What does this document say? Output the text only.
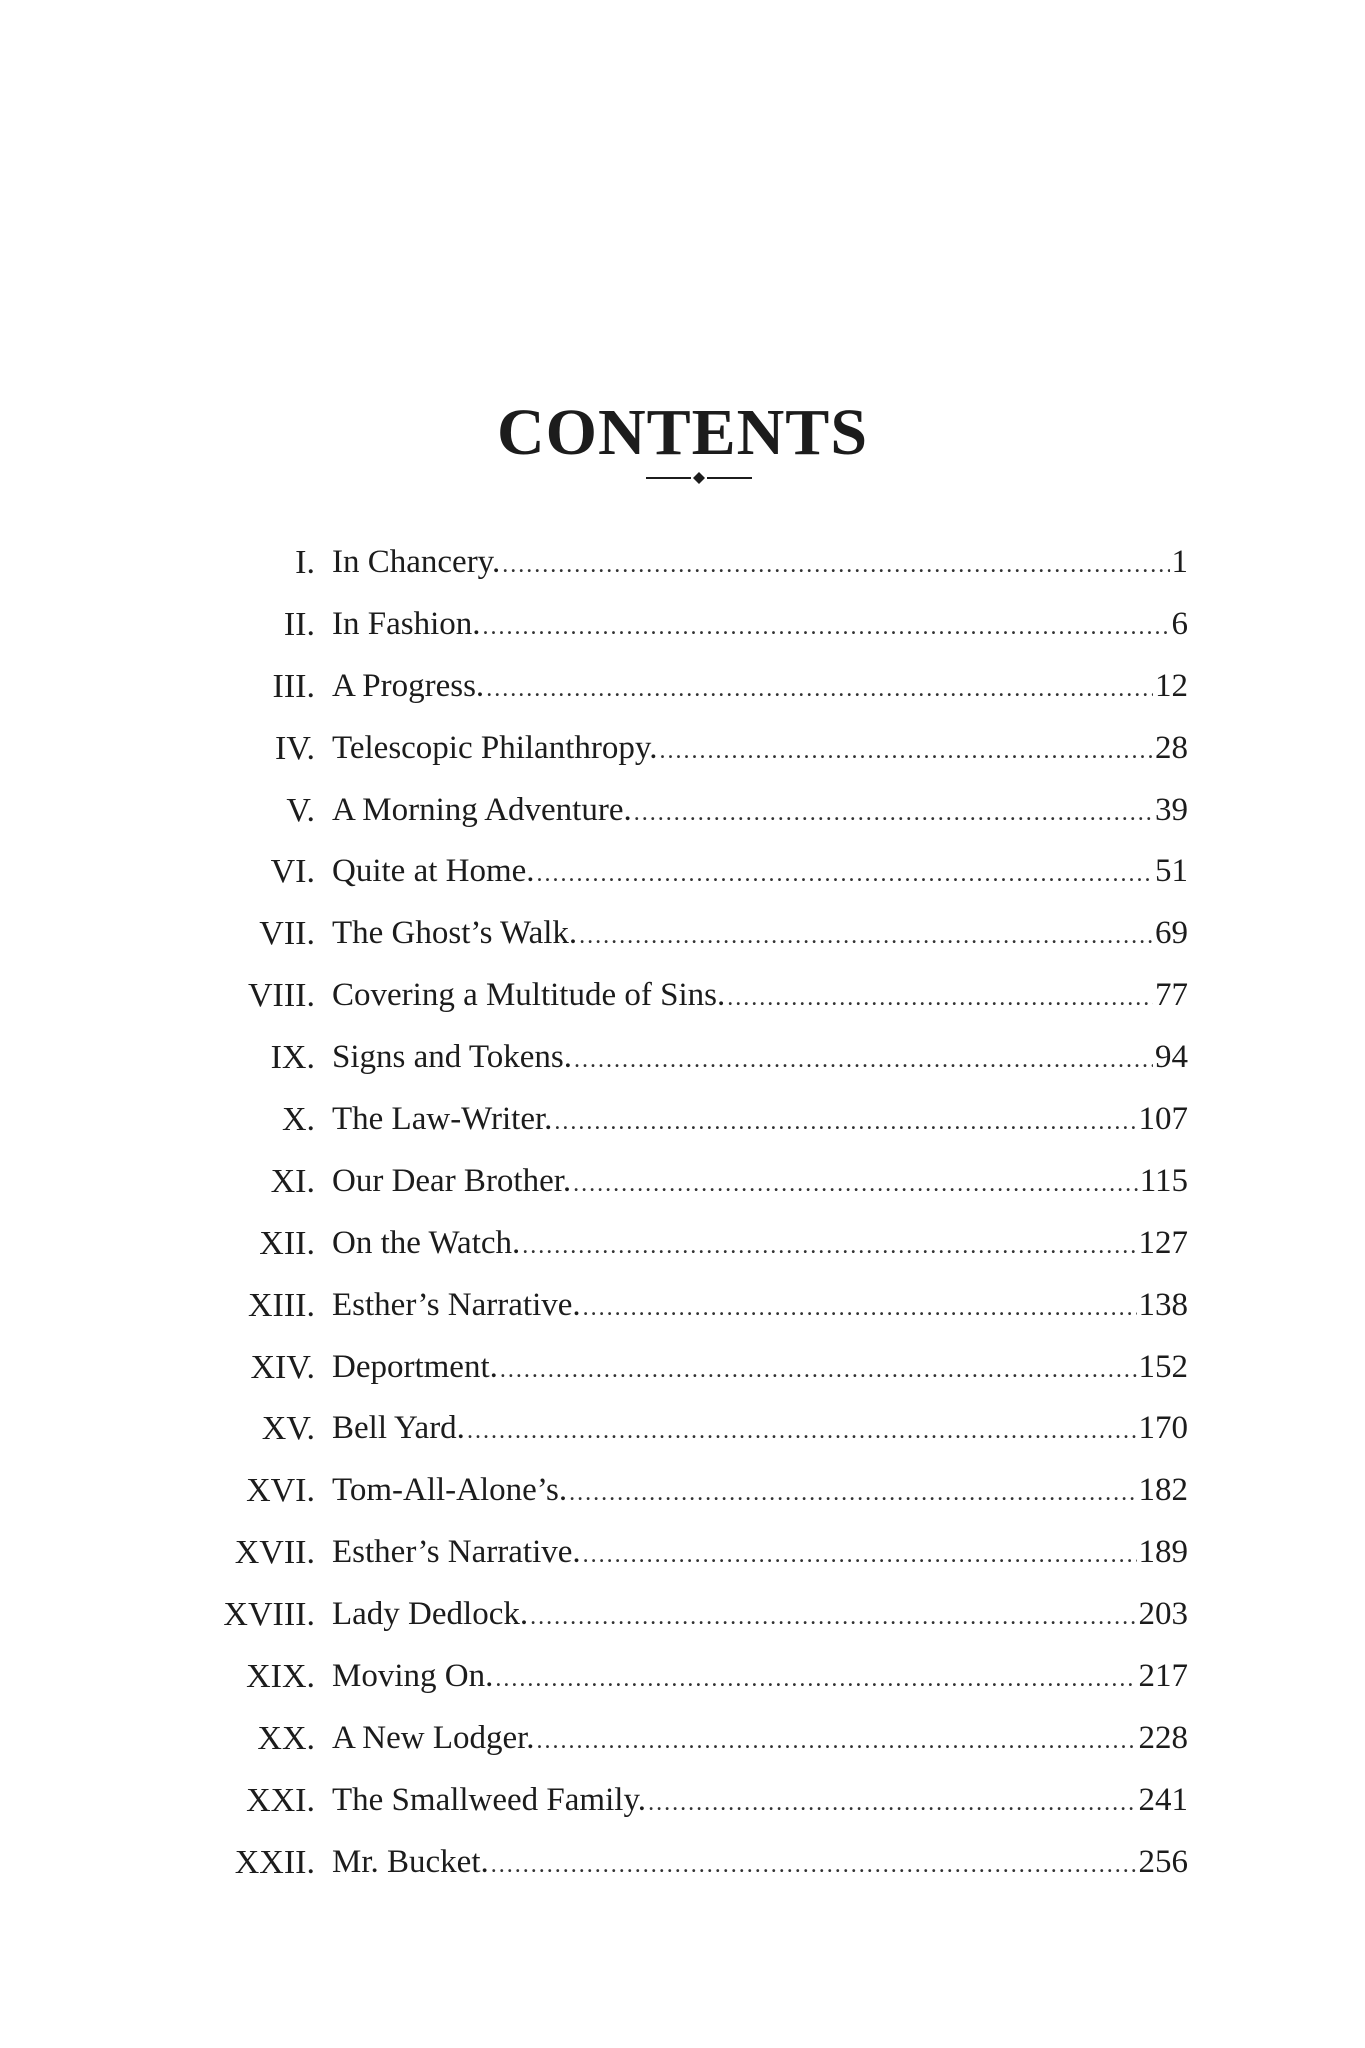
CONTENTS
I. In Chancery. .....	1
II. In Fashion. .....	6
III. A Progress. .....	12
IV. Telescopic Philanthropy. .....	28
V. A Morning Adventure. .....	39
VI. Quite at Home. .....	51
VII. The Ghost’s Walk. .....	69
VIII. Covering a Multitude of Sins. .....	77
IX. Signs and Tokens. .....	94
X. The Law-Writer. .....	107
XI. Our Dear Brother. .....	115
XII. On the Watch. .....	127
XIII. Esther’s Narrative. .....	138
XIV. Deportment. .....	152
XV. Bell Yard. .....	170
XVI. Tom-All-Alone’s. .....	182
XVII. Esther’s Narrative. .....	189
XVIII. Lady Dedlock. .....	203
XIX. Moving On. .....	217
XX. A New Lodger. .....	228
XXI. The Smallweed Family. .....	241
XXII. Mr. Bucket. .....	256
